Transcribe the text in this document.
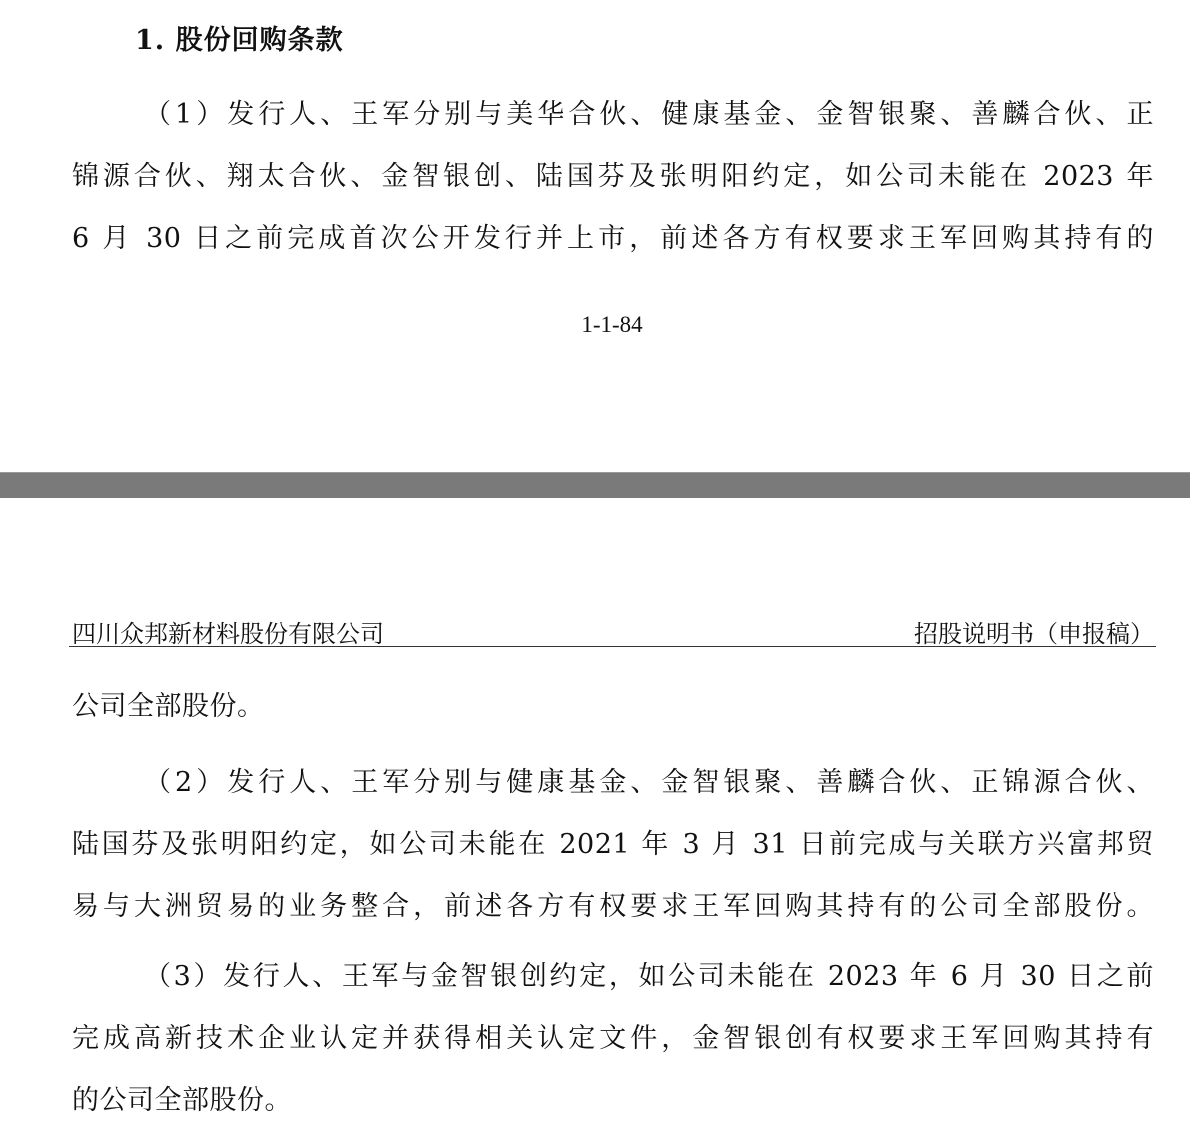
1. 股份回购条款
（1）发行人、王军分别与美华合伙、健康基金、金智银聚、善麟合伙、正
锦源合伙、翔太合伙、金智银创、陆国芬及张明阳约定，如公司未能在 2023 年
6 月 30 日之前完成首次公开发行并上市，前述各方有权要求王军回购其持有的
1-1-84
四川众邦新材料股份有限公司	招股说明书（申报稿）
公司全部股份。
（2）发行人、王军分别与健康基金、金智银聚、善麟合伙、正锦源合伙、
陆国芬及张明阳约定，如公司未能在 2021 年 3 月 31 日前完成与关联方兴富邦贸
易与大洲贸易的业务整合，前述各方有权要求王军回购其持有的公司全部股份。
（3）发行人、王军与金智银创约定，如公司未能在 2023 年 6 月 30 日之前
完成高新技术企业认定并获得相关认定文件，金智银创有权要求王军回购其持有
的公司全部股份。
